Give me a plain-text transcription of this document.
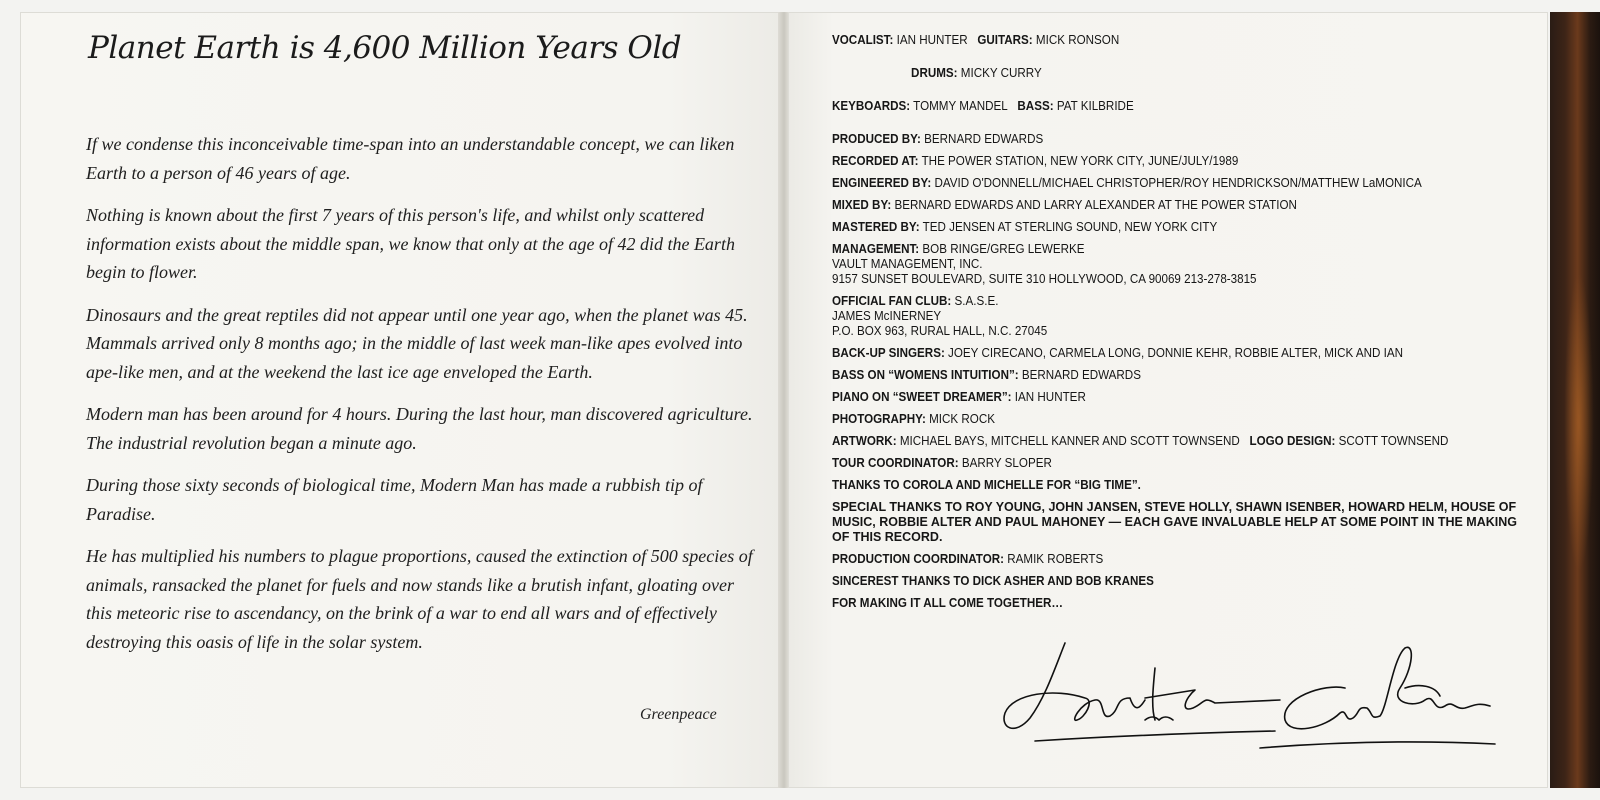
Planet Earth is 4,600 Million Years Old

If we condense this inconceivable time-span into an understandable concept, we can liken Earth to a person of 46 years of age.

Nothing is known about the first 7 years of this person's life, and whilst only scattered information exists about the middle span, we know that only at the age of 42 did the Earth begin to flower.

Dinosaurs and the great reptiles did not appear until one year ago, when the planet was 45. Mammals arrived only 8 months ago; in the middle of last week man-like apes evolved into ape-like men, and at the weekend the last ice age enveloped the Earth.

Modern man has been around for 4 hours. During the last hour, man discovered agriculture. The industrial revolution began a minute ago.

During those sixty seconds of biological time, Modern Man has made a rubbish tip of Paradise.

He has multiplied his numbers to plague proportions, caused the extinction of 500 species of animals, ransacked the planet for fuels and now stands like a brutish infant, gloating over this meteoric rise to ascendancy, on the brink of a war to end all wars and of effectively destroying this oasis of life in the solar system.

Greenpeace

VOCALIST: IAN HUNTER GUITARS: MICK RONSON

DRUMS: MICKY CURRY

KEYBOARDS: TOMMY MANDEL BASS: PAT KILBRIDE

PRODUCED BY: BERNARD EDWARDS

RECORDED AT: THE POWER STATION, NEW YORK CITY, JUNE/JULY/1989

ENGINEERED BY: DAVID O'DONNELL/MICHAEL CHRISTOPHER/ROY HENDRICKSON/MATTHEW LaMONICA

MIXED BY: BERNARD EDWARDS AND LARRY ALEXANDER AT THE POWER STATION

MASTERED BY: TED JENSEN AT STERLING SOUND, NEW YORK CITY

MANAGEMENT: BOB RINGE/GREG LEWERKE

VAULT MANAGEMENT, INC.

9157 SUNSET BOULEVARD, SUITE 310 HOLLYWOOD, CA 90069 213-278-3815

OFFICIAL FAN CLUB: S.A.S.E.

JAMES McINERNEY

P.O. BOX 963, RURAL HALL, N.C. 27045

BACK-UP SINGERS: JOEY CIRECANO, CARMELA LONG, DONNIE KEHR, ROBBIE ALTER, MICK AND IAN

BASS ON “WOMENS INTUITION”: BERNARD EDWARDS

PIANO ON “SWEET DREAMER”: IAN HUNTER

PHOTOGRAPHY: MICK ROCK

ARTWORK: MICHAEL BAYS, MITCHELL KANNER AND SCOTT TOWNSEND LOGO DESIGN: SCOTT TOWNSEND

TOUR COORDINATOR: BARRY SLOPER

THANKS TO COROLA AND MICHELLE FOR “BIG TIME”.

SPECIAL THANKS TO ROY YOUNG, JOHN JANSEN, STEVE HOLLY, SHAWN ISENBER, HOWARD HELM, HOUSE OF MUSIC, ROBBIE ALTER AND PAUL MAHONEY — EACH GAVE INVALUABLE HELP AT SOME POINT IN THE MAKING OF THIS RECORD.

PRODUCTION COORDINATOR: RAMIK ROBERTS

SINCEREST THANKS TO DICK ASHER AND BOB KRANES

FOR MAKING IT ALL COME TOGETHER…
